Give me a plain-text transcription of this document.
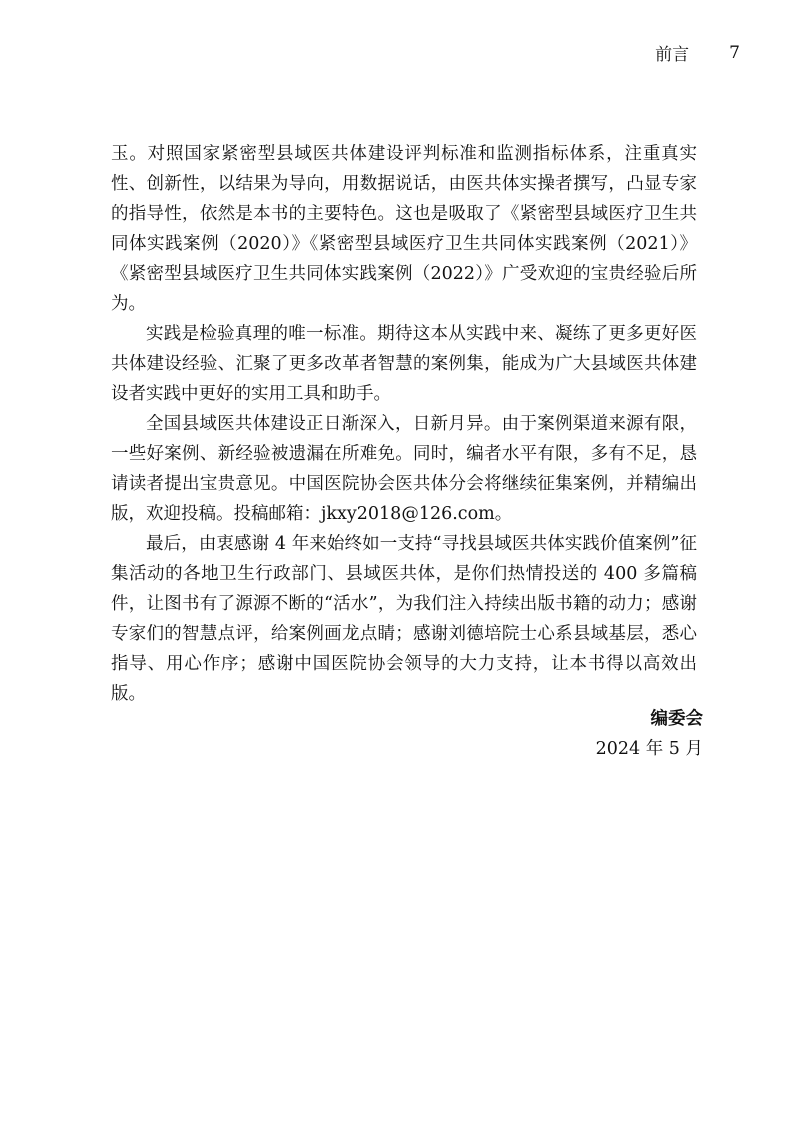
前言 7

玉。对照国家紧密型县域医共体建设评判标准和监测指标体系，注重真实性、创新性，以结果为导向，用数据说话，由医共体实操者撰写，凸显专家的指导性，依然是本书的主要特色。这也是吸取了《紧密型县域医疗卫生共同体实践案例（2020）》《紧密型县域医疗卫生共同体实践案例（2021）》《紧密型县域医疗卫生共同体实践案例（2022）》广受欢迎的宝贵经验后所为。

实践是检验真理的唯一标准。期待这本从实践中来、凝练了更多更好医共体建设经验、汇聚了更多改革者智慧的案例集，能成为广大县域医共体建设者实践中更好的实用工具和助手。

全国县域医共体建设正日渐深入，日新月异。由于案例渠道来源有限，一些好案例、新经验被遗漏在所难免。同时，编者水平有限，多有不足，恳请读者提出宝贵意见。中国医院协会医共体分会将继续征集案例，并精编出版，欢迎投稿。投稿邮箱：jkxy2018@126.com。

最后，由衷感谢 4 年来始终如一支持“寻找县域医共体实践价值案例”征集活动的各地卫生行政部门、县域医共体，是你们热情投送的 400 多篇稿件，让图书有了源源不断的“活水”，为我们注入持续出版书籍的动力；感谢专家们的智慧点评，给案例画龙点睛；感谢刘德培院士心系县域基层，悉心指导、用心作序；感谢中国医院协会领导的大力支持，让本书得以高效出版。

编委会
2024 年 5 月
